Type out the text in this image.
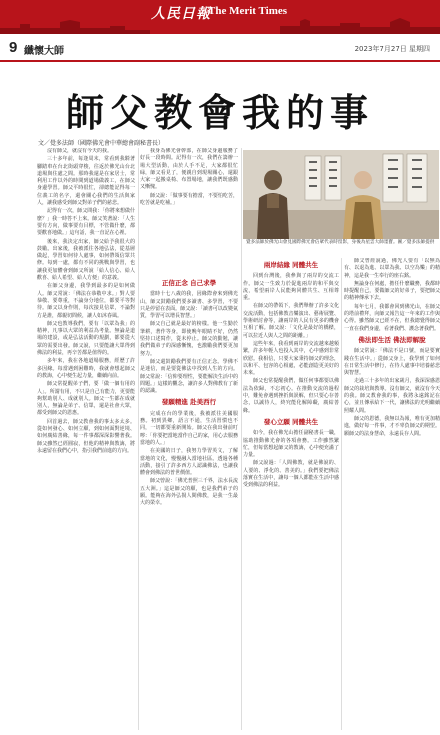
人民日報
The Merit Times
9 纖懷大師	2023年7月27日 星期四
師父教會我的事
文／覺多法師（國際佛光會中華總會副秘書長）

沒有師父，就沒有今天的我。

三十多年前，每逢周末，常看到我騎著腳踏車在台北街頭穿梭，往返於佛光山台北道場與住處之間。那時我還是在家居士，常利用工作以外的時間到道場做義工，在師父身邊學習。師父平時很忙，卻總能記得每一位義工的名字，還會關心我們的生活與家人，讓我感受到師父對弟子們的慈悲。

記得有一次，師父問我：「你將來想做什麼？」我一時答不上來。師父笑著說：「人生要有方向，做事要有目標，不管做什麼，都要歡喜地做。」這句話，我一直記在心裡。

後來，我決定出家，師父給予我很大的鼓勵。出家後，我被派往各地弘法，從基層做起，學習如何待人處事，如何帶領信眾共修。每到一處，都有不同的挑戰與學習，也讓我更加體會到師父所說「給人信心、給人歡喜、給人希望、給人方便」的意義。

在師父身邊，我學到最多的是如何做人。師父常說：「佛法在恭敬中求。」對人要恭敬、要尊重，不論身分地位，都要平等對待。師父以身作則，每次接見信眾，不論對方是誰，都親切問候，讓人如沐春風。

師父也教導我們，要有「以眾為我」的精神，凡事以大眾的利益為考量。無論是道場的建設，或是弘法活動的規劃，都要從大眾的需要出發。師父說，只要能讓大眾得到佛法的利益，再辛苦都是值得的。

多年來，我在各地道場服務，經歷了許多因緣。每當遇到困難時，我就會想起師父的教誨，心中便生起力量，繼續向前。

師父常提醒弟子們，要「做一個有用的人」。所謂有用，不只是自己有能力，更要能夠幫助別人、成就別人。師父一生都在成就別人，無論是弟子、信眾，還是社會大眾，都受到師父的恩惠。

回首過去，師父教會我的事太多太多。從如何發心、如何立願，到如何面對逆境、如何廣結善緣，每一件事都深深影響著我。師父雖然已經圓寂，但他的精神與教誨，將永遠留在我們心中，指引我們前進的方向。

我身為佛光會幹部，在師父身邊服務了好長一段時間。記得有一次，我們在籌辦一場大型活動，由於人手不足，大家都很忙碌，師父看見了，便親自到現場關心，還跟大家一起搬桌椅、布置場地，讓我們既感動又慚愧。

師父說：「做事要有擔當，不要怕吃苦，吃苦就是吃補。」

正信正念 自己求學

當時十七八歲的我，因緣際會來到佛光山，師父鼓勵我們要多讀書、多學習，不要只是停留在表面。師父說：「讀書可以改變氣質，學習可以增長智慧。」

師父自己就是最好的榜樣。他一生勤於筆耕，著作等身，即使晚年眼睛不好，仍然堅持口述寫作，從未停止。師父的勤勉，讓我們做弟子的深感慚愧，也激勵我們要更加努力。

師父還鼓勵我們要有正信正念。學佛不是迷信，而是要從佛法中找到人生的方向。師父常說：「信仰要理性，要能解決生活中的問題。」這樣的觀念，讓許多人對佛教有了新的認識。

發願精進 赴美西行

完成在台的學業後，我被派往美國服務。初到異鄉，語言不通，生活習慣也不同，一切都要重新開始。師父在我出發前叮嚀：「你要把當地當作自己的家，用心去服務當地的人。」

在美國的日子，我努力學習英文，了解當地的文化，慢慢融入當地社區。透過各種活動，接引了許多西方人認識佛法，也讓我體會到佛法的普世價值。

師父曾說：「佛光普照三千界，法水長流五大洲。」這是師父的願，也是我們弟子的願。能夠在海外弘揚人間佛教，是我一生最大的榮幸。

覺多法師於佛光山會見國際佛光會信眾代表時留影，身後為星雲大師墨寶。圖／覺多法師提供
兩岸結緣 同體共生

回到台灣後，我參與了兩岸的交流工作。師父一生致力於促進兩岸的和平與交流，希望兩岸人民能夠同體共生、互相尊重。

在師父的帶領下，我們舉辦了許多文化交流活動，包括佛教音樂演出、藝術展覽、學術研討會等，讓兩岸的人民有更多的機會互相了解。師父說：「文化是最好的橋樑，可以拉近人與人之間的距離。」

這些年來，我看到兩岸的交流越來越頻繁，許多年輕人也投入其中，心中感到非常欣慰。我相信，只要大家秉持師父的理念，以和平、包容的心相處，必能創造更美好的未來。

師父也常提醒我們，做任何事都要以佛法為依歸，不忘初心。在推動交流的過程中，難免會遇到挫折與誤解，但只要心存善念，以誠待人，終究能化解障礙，廣結善緣。

發心立願 同體共生

如今，我在佛光山擔任副秘書長一職，協助推動佛光會的各項會務。工作雖然繁忙，但每當想起師父的教誨，心中便充滿了力量。

師父說過：「人間佛教，就是佛說的、人要的、淨化的、善美的。」我們要把佛法落實在生活中，讓每一個人都能在生活中感受到佛法的利益。

師父曾經說過，佛光人要有「以無為有、以退為進、以眾為我、以空為樂」的精神，這是我一生奉行的座右銘。

無論身在何處，擔任什麼職務，我都時時提醒自己，要做師父的好弟子，要把師父的精神傳承下去。

每年七月，我都會回到佛光山，在師父的塔前禮拜，向師父報告這一年來的工作與心得。雖然師父已經不在，但我總覺得師父一直在我們身邊，看著我們、護念著我們。

佛法即生活 佛法即解脫

師父常說：「佛法不是口號，而是要實踐在生活中。」從師父身上，我學到了如何在日常生活中修行，在待人處事中培養慈悲與智慧。

走過三十多年的出家歲月，我深深感恩師父的栽培與教導。沒有師父，就沒有今天的我。師父教會我的事，我將永遠銘記在心，並且傳承給下一代，讓佛法的光明繼續照耀人間。

師父的恩德，我無以為報，唯有更加精進，做好每一件事，才不辜負師父的期望。願師父的法身慧命，永遠長存人間。
